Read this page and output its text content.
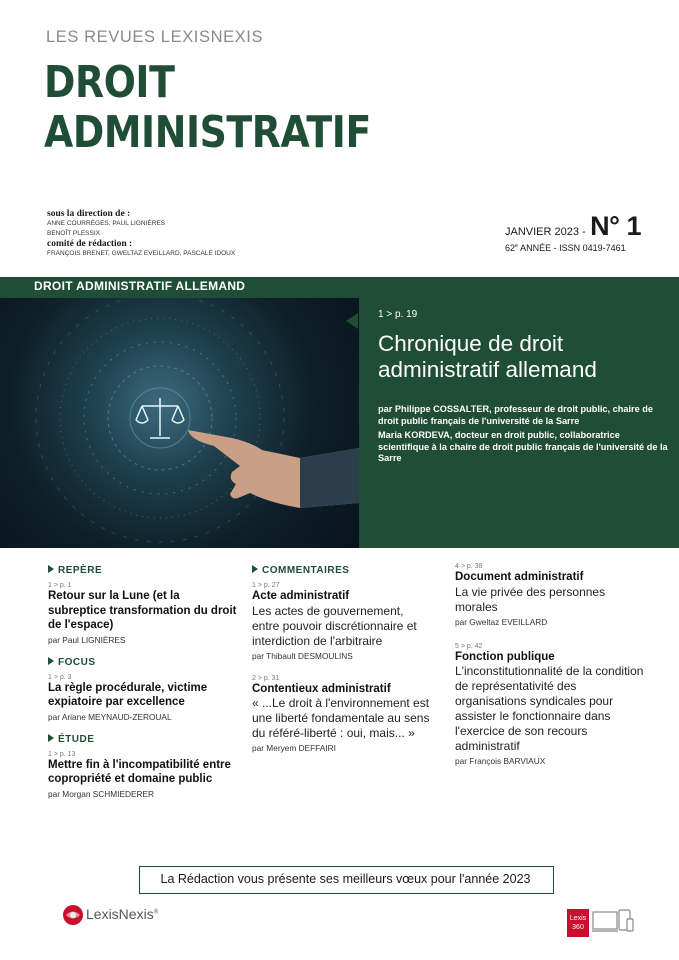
LES REVUES LEXISNEXIS
DROIT
ADMINISTRATIF
sous la direction de :
ANNE COURRÈGES, PAUL LIGNIÈRES
BENOÎT PLESSIX
comité de rédaction :
FRANÇOIS BRENET, GWELTAZ EVEILLARD, PASCALE IDOUX
JANVIER 2023 - N° 1
62e ANNÉE - ISSN 0419-7461
DROIT ADMINISTRATIF ALLEMAND
1 > p. 19
Chronique de droit
administratif allemand

par Philippe COSSALTER, professeur de droit public, chaire de droit public français de l'université de la Sarre

Maria KORDEVA, docteur en droit public, collaboratrice scientifique à la chaire de droit public français de l'université de la Sarre

REPÈRE
1 > p. 1
Retour sur la Lune (et la subreptice transformation du droit de l'espace)
par Paul LIGNIÈRES
FOCUS
1 > p. 3
La règle procédurale, victime expiatoire par excellence
par Ariane MEYNAUD-ZEROUAL
ÉTUDE
1 > p. 13
Mettre fin à l'incompatibilité entre copropriété et domaine public
par Morgan SCHMIEDERER
COMMENTAIRES
1 > p. 27
Acte administratif
Les actes de gouvernement, entre pouvoir discrétionnaire et interdiction de l'arbitraire
par Thibault DESMOULINS
2 > p. 31
Contentieux administratif
« ...Le droit à l'environnement est une liberté fondamentale au sens du référé-liberté : oui, mais... »
par Meryem DEFFAIRI
4 > p. 38
Document administratif
La vie privée des personnes morales
par Gweltaz EVEILLARD
5 > p. 42
Fonction publique
L'inconstitutionnalité de la condition de représentativité des organisations syndicales pour assister le fonctionnaire dans l'exercice de son recours administratif
par François BARVIAUX
La Rédaction vous présente ses meilleurs vœux pour l'année 2023
LexisNexis®
Lexis
360
